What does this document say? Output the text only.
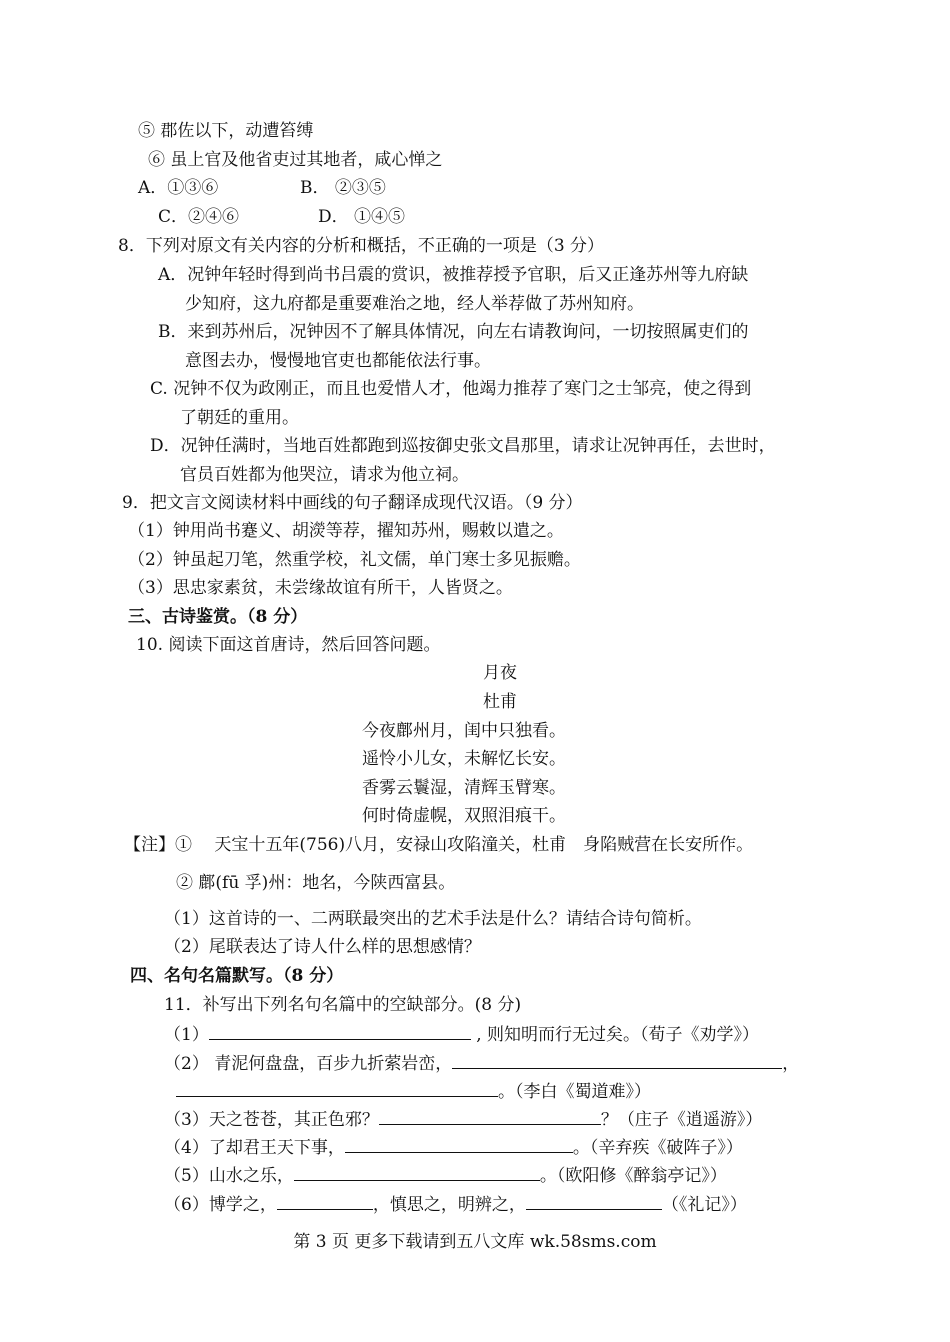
⑤ 郡佐以下，动遭笞缚
⑥ 虽上官及他省吏过其地者，咸心惮之
A．①③⑥	B． ②③⑤
C．②④⑥	D． ①④⑤
8．下列对原文有关内容的分析和概括，不正确的一项是（3 分）
A．况钟年轻时得到尚书吕震的赏识，被推荐授予官职，后又正逢苏州等九府缺
少知府，这九府都是重要难治之地，经人举荐做了苏州知府。
B．来到苏州后，况钟因不了解具体情况，向左右请教询问，一切按照属吏们的
意图去办，慢慢地官吏也都能依法行事。
C. 况钟不仅为政刚正，而且也爱惜人才，他竭力推荐了寒门之士邹亮，使之得到
了朝廷的重用。
D．况钟任满时，当地百姓都跑到巡按御史张文昌那里，请求让况钟再任，去世时，
官员百姓都为他哭泣，请求为他立祠。
9．把文言文阅读材料中画线的句子翻译成现代汉语。（9 分）
（1）钟用尚书蹇义、胡濙等荐，擢知苏州，赐敕以遣之。
（2）钟虽起刀笔，然重学校，礼文儒，单门寒士多见振赡。
（3）思忠家素贫，未尝缘故谊有所干，人皆贤之。
三、古诗鉴赏。（8 分）
10. 阅读下面这首唐诗，然后回答问题。
月夜
杜甫
今夜鄜州月，闺中只独看。
遥怜小儿女，未解忆长安。
香雾云鬟湿，清辉玉臂寒。
何时倚虚幌，双照泪痕干。
【注】①　 天宝十五年(756)八月，安禄山攻陷潼关，杜甫　身陷贼营在长安所作。
② 鄜(fū 孚)州：地名，今陕西富县。
（1）这首诗的一、二两联最突出的艺术手法是什么？请结合诗句简析。
（2）尾联表达了诗人什么样的思想感情？
四、名句名篇默写。（8 分）
11．补写出下列名句名篇中的空缺部分。(8 分)
（1）	, 则知明而行无过矣。（荀子《劝学》）
（2） 青泥何盘盘，百步九折萦岩峦，	，
。（李白《蜀道难》）
（3）天之苍苍，其正色邪？	？（庄子《逍遥游》）
（4）了却君王天下事，	。（辛弃疾《破阵子》）
（5）山水之乐，	。（欧阳修《醉翁亭记》）
（6）博学之，	，慎思之，明辨之，	（《礼记》）
第 3 页 更多下载请到五八文库 wk.58sms.com
